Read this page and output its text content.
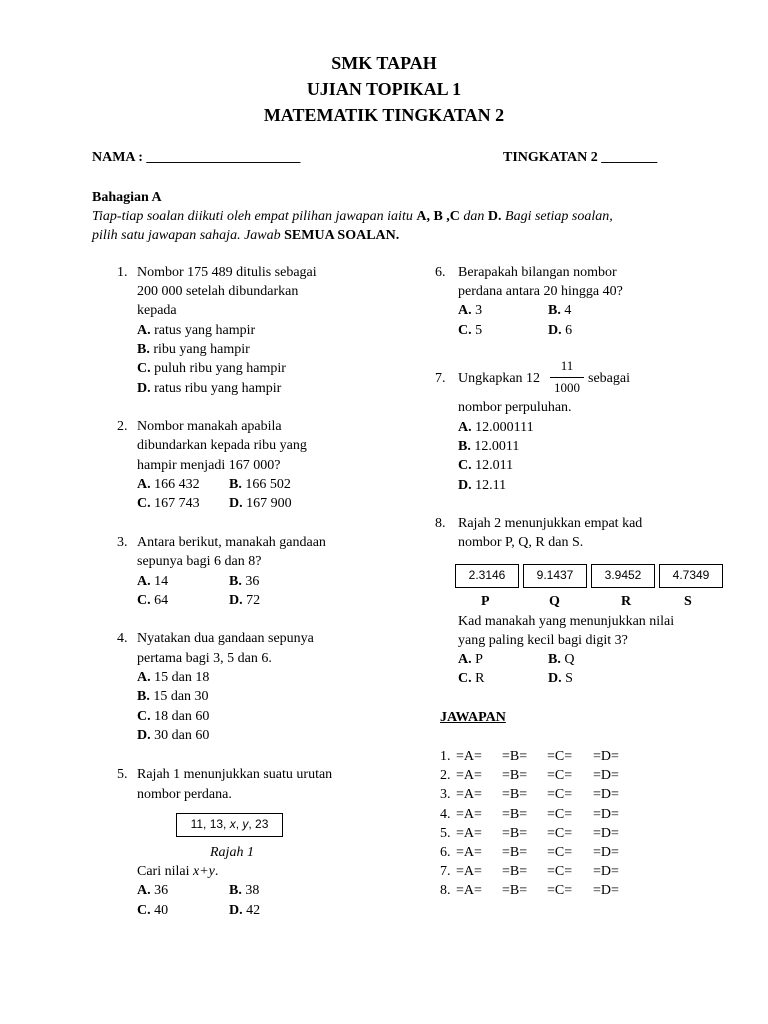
SMK TAPAH
UJIAN TOPIKAL 1
MATEMATIK TINGKATAN 2
NAMA : ______________________	TINGKATAN 2 ________
Bahagian A
Tiap-tiap soalan diikuti oleh empat pilihan jawapan iaitu A, B ,C dan D. Bagi setiap soalan,
pilih satu jawapan sahaja. Jawab SEMUA SOALAN.
1. Nombor 175 489 ditulis sebagai
200 000 setelah dibundarkan
kepada
A. ratus yang hampir
B. ribu yang hampir
C. puluh ribu yang hampir
D. ratus ribu yang hampir
2. Nombor manakah apabila
dibundarkan kepada ribu yang
hampir menjadi 167 000?
A. 166 432 B. 166 502
C. 167 743 D. 167 900
3. Antara berikut, manakah gandaan
sepunya bagi 6 dan 8?
A. 14	B. 36
C. 64	D. 72
4. Nyatakan dua gandaan sepunya
pertama bagi 3, 5 dan 6.
A. 15 dan 18
B. 15 dan 30
C. 18 dan 60
D. 30 dan 60
5. Rajah 1 menunjukkan suatu urutan
nombor perdana.
11, 13, x, y, 23
Rajah 1
Cari nilai x+y.
A. 36	B. 38
C. 40	D. 42
6. Berapakah bilangan nombor
perdana antara 20 hingga 40?
A. 3	B. 4
C. 5	D. 6
7. Ungkapkan 12
11
1000
sebagai
nombor perpuluhan.
A. 12.000111
B. 12.0011
C. 12.011
D. 12.11
8. Rajah 2 menunjukkan empat kad
nombor P, Q, R dan S.
2.3146	9.1437	3.9452	4.7349
P	Q	R	S
Kad manakah yang menunjukkan nilai
yang paling kecil bagi digit 3?
A. P	B. Q
C. R	D. S
JAWAPAN
1. =A= =B= =C= =D=
2. =A= =B= =C= =D=
3. =A= =B= =C= =D=
4. =A= =B= =C= =D=
5. =A= =B= =C= =D=
6. =A= =B= =C= =D=
7. =A= =B= =C= =D=
8. =A= =B= =C= =D=
